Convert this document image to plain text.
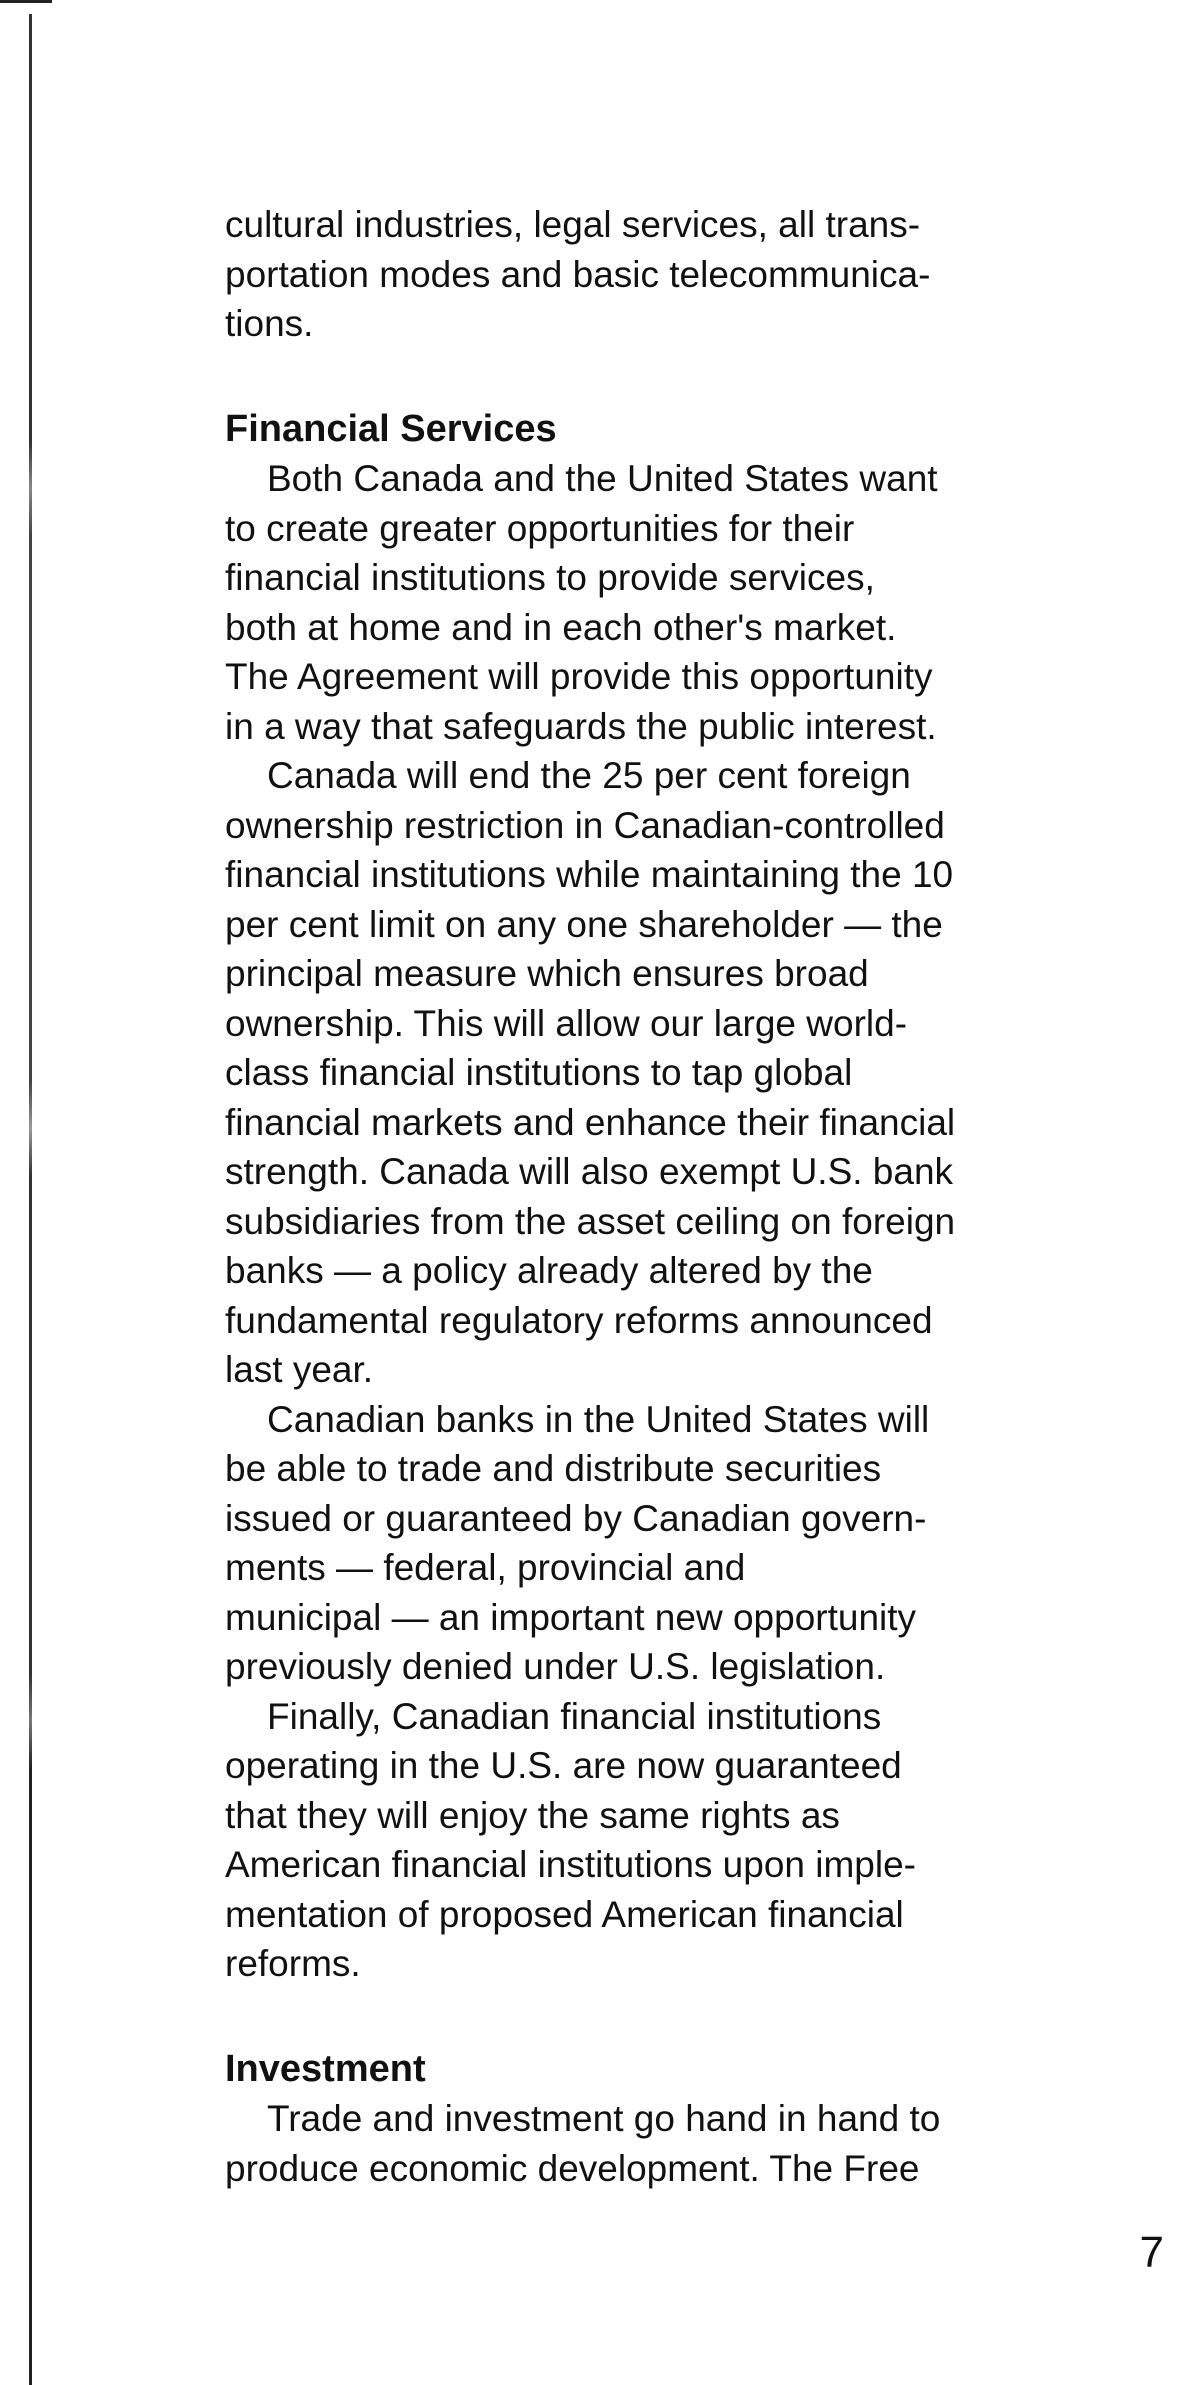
cultural industries, legal services, all trans-
portation modes and basic telecommunica-
tions.
Financial Services
Both Canada and the United States want
to create greater opportunities for their
financial institutions to provide services,
both at home and in each other's market.
The Agreement will provide this opportunity
in a way that safeguards the public interest.
Canada will end the 25 per cent foreign
ownership restriction in Canadian-controlled
financial institutions while maintaining the 10
per cent limit on any one shareholder — the
principal measure which ensures broad
ownership. This will allow our large world-
class financial institutions to tap global
financial markets and enhance their financial
strength. Canada will also exempt U.S. bank
subsidiaries from the asset ceiling on foreign
banks — a policy already altered by the
fundamental regulatory reforms announced
last year.
Canadian banks in the United States will
be able to trade and distribute securities
issued or guaranteed by Canadian govern-
ments — federal, provincial and
municipal — an important new opportunity
previously denied under U.S. legislation.
Finally, Canadian financial institutions
operating in the U.S. are now guaranteed
that they will enjoy the same rights as
American financial institutions upon imple-
mentation of proposed American financial
reforms.
Investment
Trade and investment go hand in hand to
produce economic development. The Free
7
